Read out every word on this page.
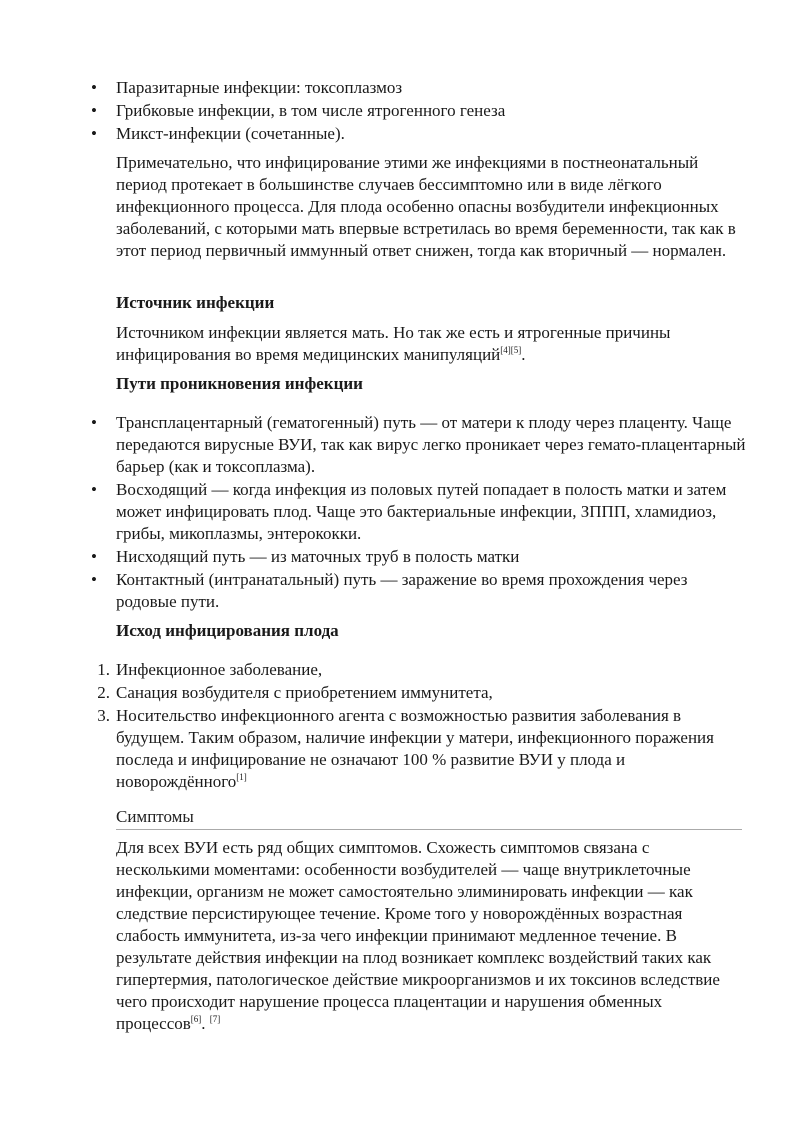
• Паразитарные инфекции: токсоплазмоз
• Грибковые инфекции, в том числе ятрогенного генеза
• Микст-инфекции (сочетанные).

Примечательно, что инфицирование этими же инфекциями в постнеонатальный период протекает в большинстве случаев бессимптомно или в виде лёгкого инфекционного процесса. Для плода особенно опасны возбудители инфекционных заболеваний, с которыми мать впервые встретилась во время беременности, так как в этот период первичный иммунный ответ снижен, тогда как вторичный — нормален.

Источник инфекции

Источником инфекции является мать. Но так же есть и ятрогенные причины инфицирования во время медицинских манипуляций[4][5].

Пути проникновения инфекции
• Трансплацентарный (гематогенный) путь — от матери к плоду через плаценту. Чаще передаются вирусные ВУИ, так как вирус легко проникает через гемато-плацентарный барьер (как и токсоплазма).
• Восходящий — когда инфекция из половых путей попадает в полость матки и затем может инфицировать плод. Чаще это бактериальные инфекции, ЗППП, хламидиоз, грибы, микоплазмы, энтерококки.
• Нисходящий путь — из маточных труб в полость матки
• Контактный (интранатальный) путь — заражение во время прохождения через родовые пути.
Исход инфицирования плода
1. Инфекционное заболевание,
2. Санация возбудителя с приобретением иммунитета,
3. Носительство инфекционного агента с возможностью развития заболевания в будущем. Таким образом, наличие инфекции у матери, инфекционного поражения последа и инфицирование не означают 100 % развитие ВУИ у плода и новорождённого[1]
Симптомы

Для всех ВУИ есть ряд общих симптомов. Схожесть симптомов связана с несколькими моментами: особенности возбудителей — чаще внутриклеточные инфекции, организм не может самостоятельно элиминировать инфекции — как следствие персистирующее течение. Кроме того у новорождённых возрастная слабость иммунитета, из-за чего инфекции принимают медленное течение. В результате действия инфекции на плод возникает комплекс воздействий таких как гипертермия, патологическое действие микроорганизмов и их токсинов вследствие чего происходит нарушение процесса плацентации и нарушения обменных процессов[6]. [7]
